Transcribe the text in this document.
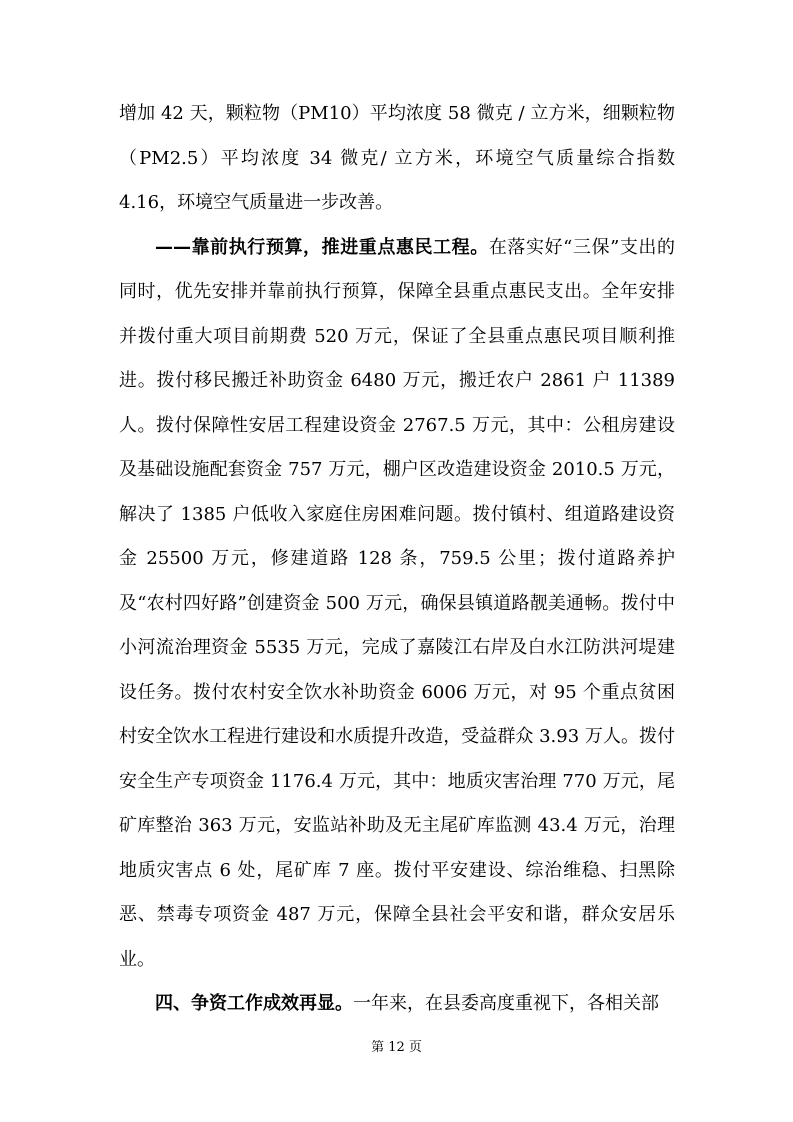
增加 42 天，颗粒物（PM10）平均浓度 58 微克 / 立方米，细颗粒物（PM2.5）平均浓度 34 微克/ 立方米，环境空气质量综合指数 4.16，环境空气质量进一步改善。

——靠前执行预算，推进重点惠民工程。在落实好“三保”支出的同时，优先安排并靠前执行预算，保障全县重点惠民支出。全年安排并拨付重大项目前期费 520 万元，保证了全县重点惠民项目顺利推进。拨付移民搬迁补助资金 6480 万元，搬迁农户 2861 户 11389 人。拨付保障性安居工程建设资金 2767.5 万元，其中：公租房建设及基础设施配套资金 757 万元，棚户区改造建设资金 2010.5 万元，解决了 1385 户低收入家庭住房困难问题。拨付镇村、组道路建设资金 25500 万元，修建道路 128 条，759.5 公里；拨付道路养护及“农村四好路”创建资金 500 万元，确保县镇道路靓美通畅。拨付中小河流治理资金 5535 万元，完成了嘉陵江右岸及白水江防洪河堤建设任务。拨付农村安全饮水补助资金 6006 万元，对 95 个重点贫困村安全饮水工程进行建设和水质提升改造，受益群众 3.93 万人。拨付安全生产专项资金 1176.4 万元，其中：地质灾害治理 770 万元，尾矿库整治 363 万元，安监站补助及无主尾矿库监测 43.4 万元，治理地质灾害点 6 处，尾矿库 7 座。拨付平安建设、综治维稳、扫黑除恶、禁毒专项资金 487 万元，保障全县社会平安和谐，群众安居乐业。

四、争资工作成效再显。一年来，在县委高度重视下，各相关部

第 12 页
